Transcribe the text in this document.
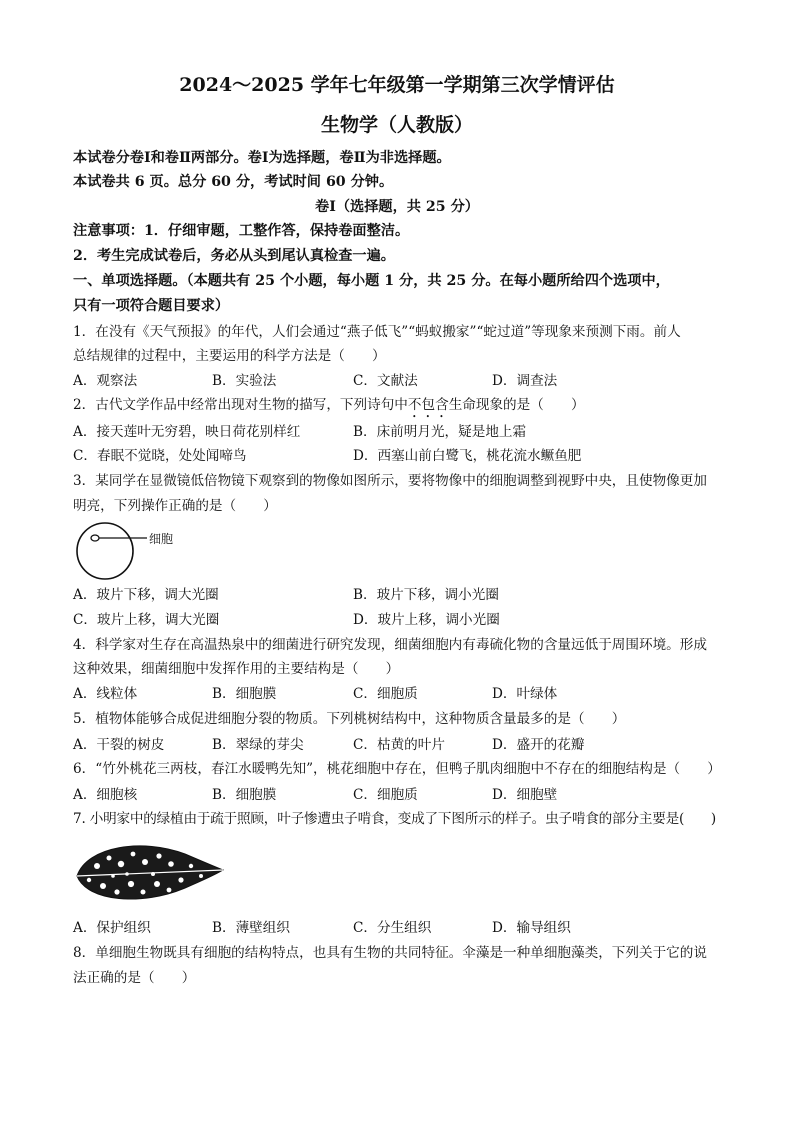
2024～2025 学年七年级第一学期第三次学情评估
生物学（人教版）
本试卷分卷Ⅰ和卷Ⅱ两部分。卷Ⅰ为选择题，卷Ⅱ为非选择题。
本试卷共 6 页。总分 60 分，考试时间 60 分钟。
卷Ⅰ（选择题，共 25 分）
注意事项：1．仔细审题，工整作答，保持卷面整洁。
2．考生完成试卷后，务必从头到尾认真检查一遍。
一、单项选择题。（本题共有 25 个小题，每小题 1 分，共 25 分。在每小题所给四个选项中，
只有一项符合题目要求）
1．在没有《天气预报》的年代，人们会通过“燕子低飞”“蚂蚁搬家”“蛇过道”等现象来预测下雨。前人
总结规律的过程中，主要运用的科学方法是（　　）
A．观察法	B．实验法	C．文献法	D．调查法
2．古代文学作品中经常出现对生物的描写，下列诗句中不包含生命现象的是（　　）
A．接天莲叶无穷碧，映日荷花别样红	B．床前明月光，疑是地上霜
C．春眠不觉晓，处处闻啼鸟	D．西塞山前白鹭飞，桃花流水鳜鱼肥
3．某同学在显微镜低倍物镜下观察到的物像如图所示，要将物像中的细胞调整到视野中央，且使物像更加
明亮，下列操作正确的是（　　）
细胞
A．玻片下移，调大光圈	B．玻片下移，调小光圈
C．玻片上移，调大光圈	D．玻片上移，调小光圈
4．科学家对生存在高温热泉中的细菌进行研究发现，细菌细胞内有毒硫化物的含量远低于周围环境。形成
这种效果，细菌细胞中发挥作用的主要结构是（　　）
A．线粒体	B．细胞膜	C．细胞质	D．叶绿体
5．植物体能够合成促进细胞分裂的物质。下列桃树结构中，这种物质含量最多的是（　　）
A．干裂的树皮	B．翠绿的芽尖	C．枯黄的叶片	D．盛开的花瓣
6．“竹外桃花三两枝，春江水暖鸭先知”，桃花细胞中存在，但鸭子肌肉细胞中不存在的细胞结构是（　　）
A．细胞核	B．细胞膜	C．细胞质	D．细胞壁
7. 小明家中的绿植由于疏于照顾，叶子惨遭虫子啃食，变成了下图所示的样子。虫子啃食的部分主要是(　　)
A．保护组织	B．薄壁组织	C．分生组织	D．输导组织
8．单细胞生物既具有细胞的结构特点，也具有生物的共同特征。伞藻是一种单细胞藻类，下列关于它的说
法正确的是（　　）
